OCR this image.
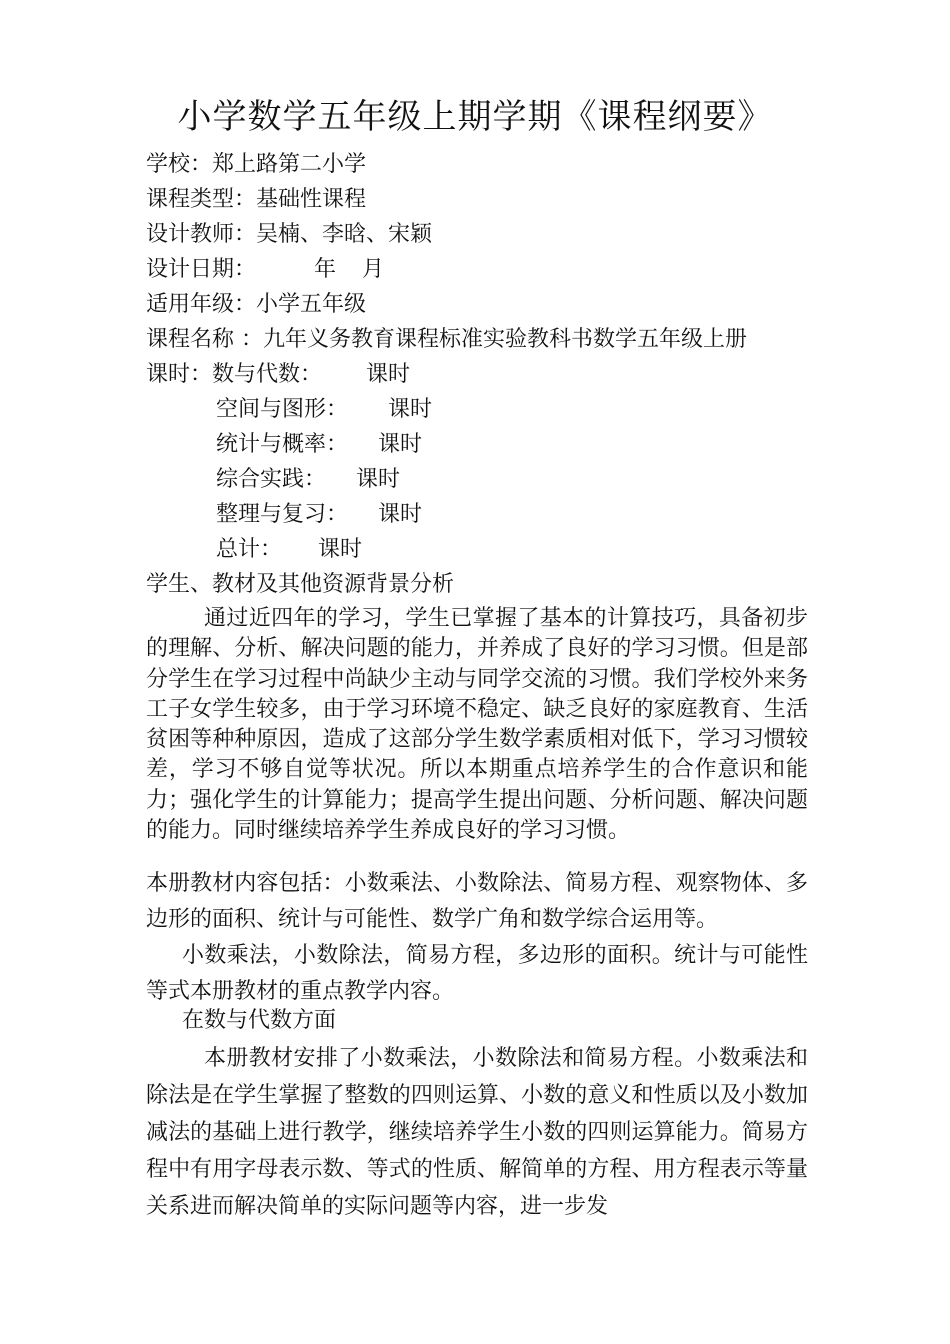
小学数学五年级上期学期《课程纲要》
学校：郑上路第二小学
课程类型：基础性课程
设计教师：吴楠、李晗、宋颖
设计日期：	年 月
适用年级：小学五年级
课程名称 ：九年义务教育课程标准实验教科书数学五年级上册
课时：数与代数： 课时
空间与图形： 课时
统计与概率： 课时
综合实践： 课时
整理与复习： 课时
总计： 课时
学生、教材及其他资源背景分析
通过近四年的学习，学生已掌握了基本的计算技巧，具备初步的理解、分析、解决问题的能力，并养成了良好的学习习惯。但是部分学生在学习过程中尚缺少主动与同学交流的习惯。我们学校外来务工子女学生较多，由于学习环境不稳定、缺乏良好的家庭教育、生活贫困等种种原因，造成了这部分学生数学素质相对低下，学习习惯较差，学习不够自觉等状况。所以本期重点培养学生的合作意识和能力；强化学生的计算能力；提高学生提出问题、分析问题、解决问题的能力。同时继续培养学生养成良好的学习习惯。
本册教材内容包括：小数乘法、小数除法、简易方程、观察物体、多边形的面积、统计与可能性、数学广角和数学综合运用等。
小数乘法，小数除法，简易方程，多边形的面积。统计与可能性等式本册教材的重点教学内容。
在数与代数方面
本册教材安排了小数乘法，小数除法和简易方程。小数乘法和除法是在学生掌握了整数的四则运算、小数的意义和性质以及小数加减法的基础上进行教学，继续培养学生小数的四则运算能力。简易方程中有用字母表示数、等式的性质、解简单的方程、用方程表示等量关系进而解决简单的实际问题等内容，进一步发
